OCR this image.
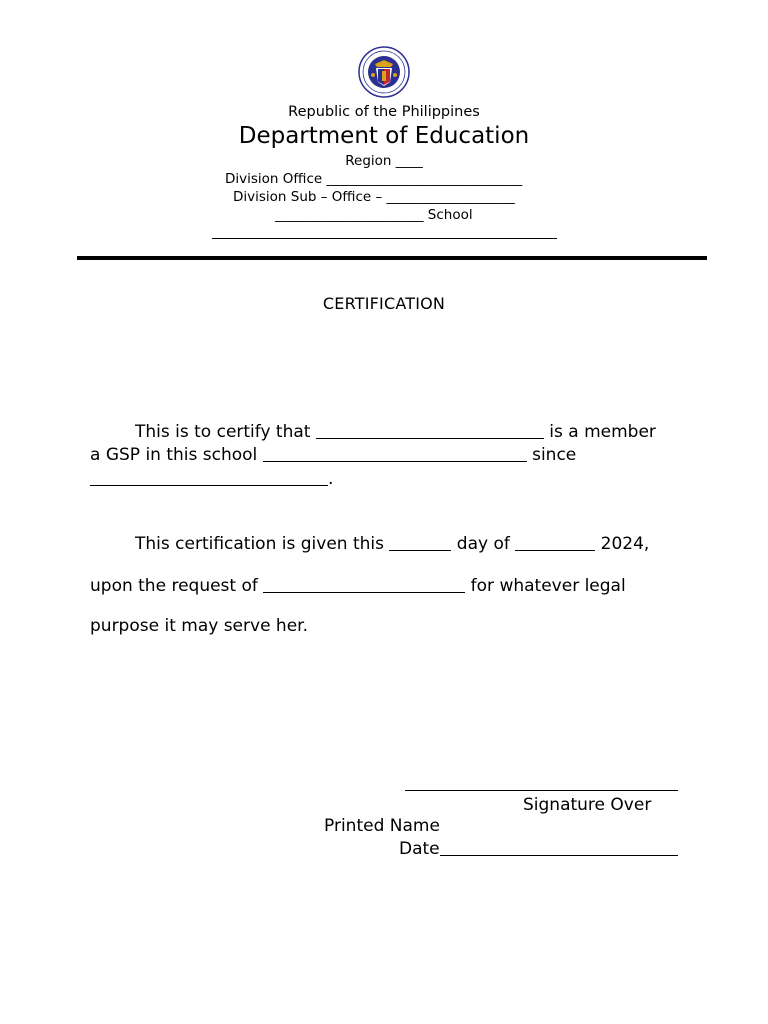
Republic of the Philippines
Department of Education
Region ____
Division Office _____________________________
Division Sub – Office – ___________________
______________________ School
CERTIFICATION
This is to certify that	is a member
a GSP in this school	since
.
This certification is given this	day of	2024,
upon the request of	for whatever legal
purpose it may serve her.
Signature Over
Printed Name
Date
